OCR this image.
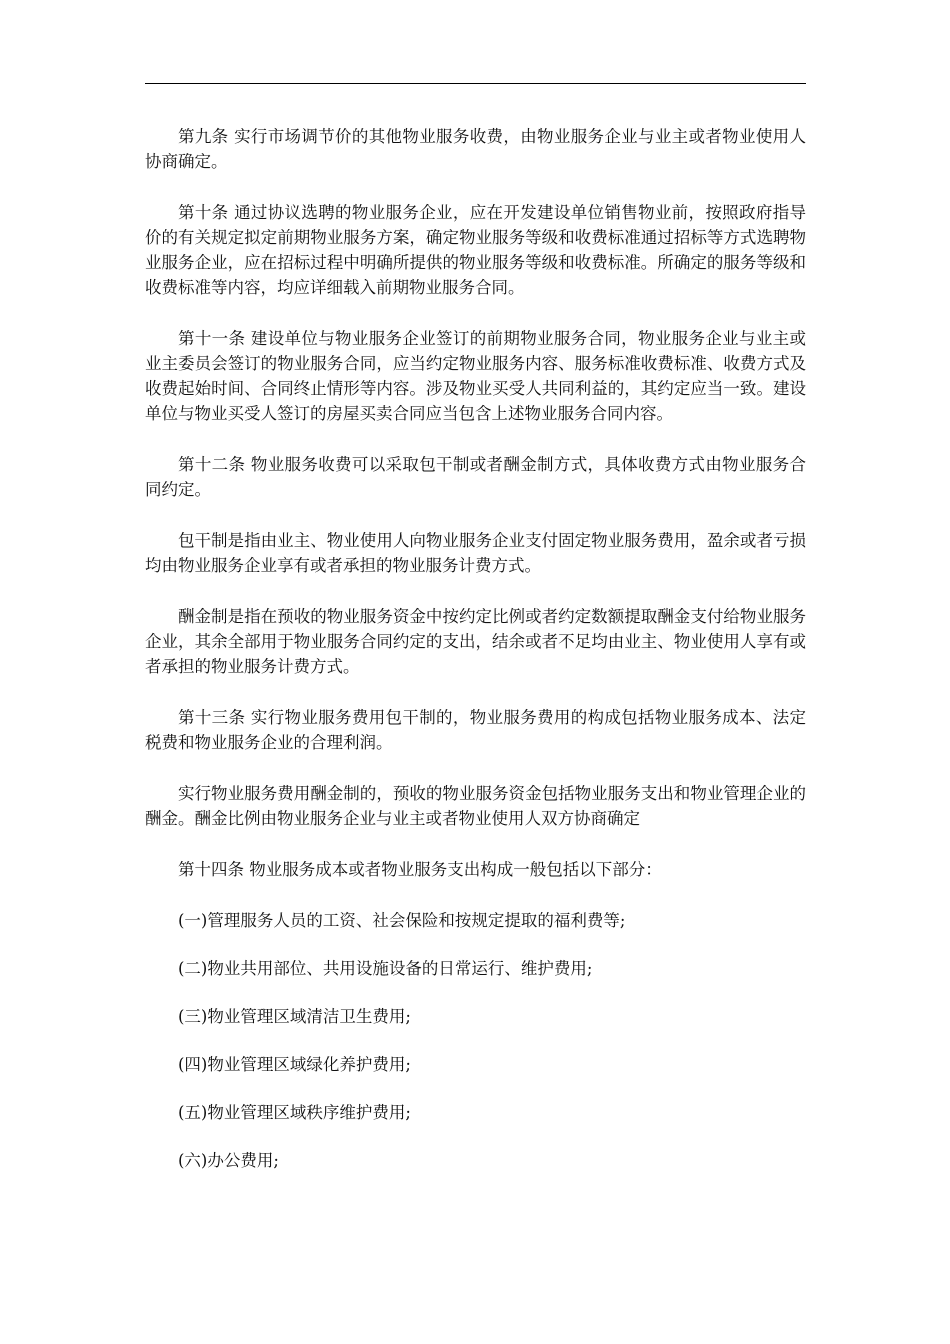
第九条 实行市场调节价的其他物业服务收费，由物业服务企业与业主或者物业使用人协商确定。

第十条 通过协议选聘的物业服务企业，应在开发建设单位销售物业前，按照政府指导价的有关规定拟定前期物业服务方案，确定物业服务等级和收费标准通过招标等方式选聘物业服务企业，应在招标过程中明确所提供的物业服务等级和收费标准。所确定的服务等级和收费标准等内容，均应详细载入前期物业服务合同。

第十一条 建设单位与物业服务企业签订的前期物业服务合同，物业服务企业与业主或业主委员会签订的物业服务合同，应当约定物业服务内容、服务标准收费标准、收费方式及收费起始时间、合同终止情形等内容。涉及物业买受人共同利益的，其约定应当一致。建设单位与物业买受人签订的房屋买卖合同应当包含上述物业服务合同内容。

第十二条 物业服务收费可以采取包干制或者酬金制方式，具体收费方式由物业服务合同约定。

包干制是指由业主、物业使用人向物业服务企业支付固定物业服务费用，盈余或者亏损均由物业服务企业享有或者承担的物业服务计费方式。

酬金制是指在预收的物业服务资金中按约定比例或者约定数额提取酬金支付给物业服务企业，其余全部用于物业服务合同约定的支出，结余或者不足均由业主、物业使用人享有或者承担的物业服务计费方式。

第十三条 实行物业服务费用包干制的，物业服务费用的构成包括物业服务成本、法定税费和物业服务企业的合理利润。

实行物业服务费用酬金制的，预收的物业服务资金包括物业服务支出和物业管理企业的酬金。酬金比例由物业服务企业与业主或者物业使用人双方协商确定

第十四条 物业服务成本或者物业服务支出构成一般包括以下部分：

(一)管理服务人员的工资、社会保险和按规定提取的福利费等;

(二)物业共用部位、共用设施设备的日常运行、维护费用;

(三)物业管理区域清洁卫生费用;

(四)物业管理区域绿化养护费用;

(五)物业管理区域秩序维护费用;

(六)办公费用;
